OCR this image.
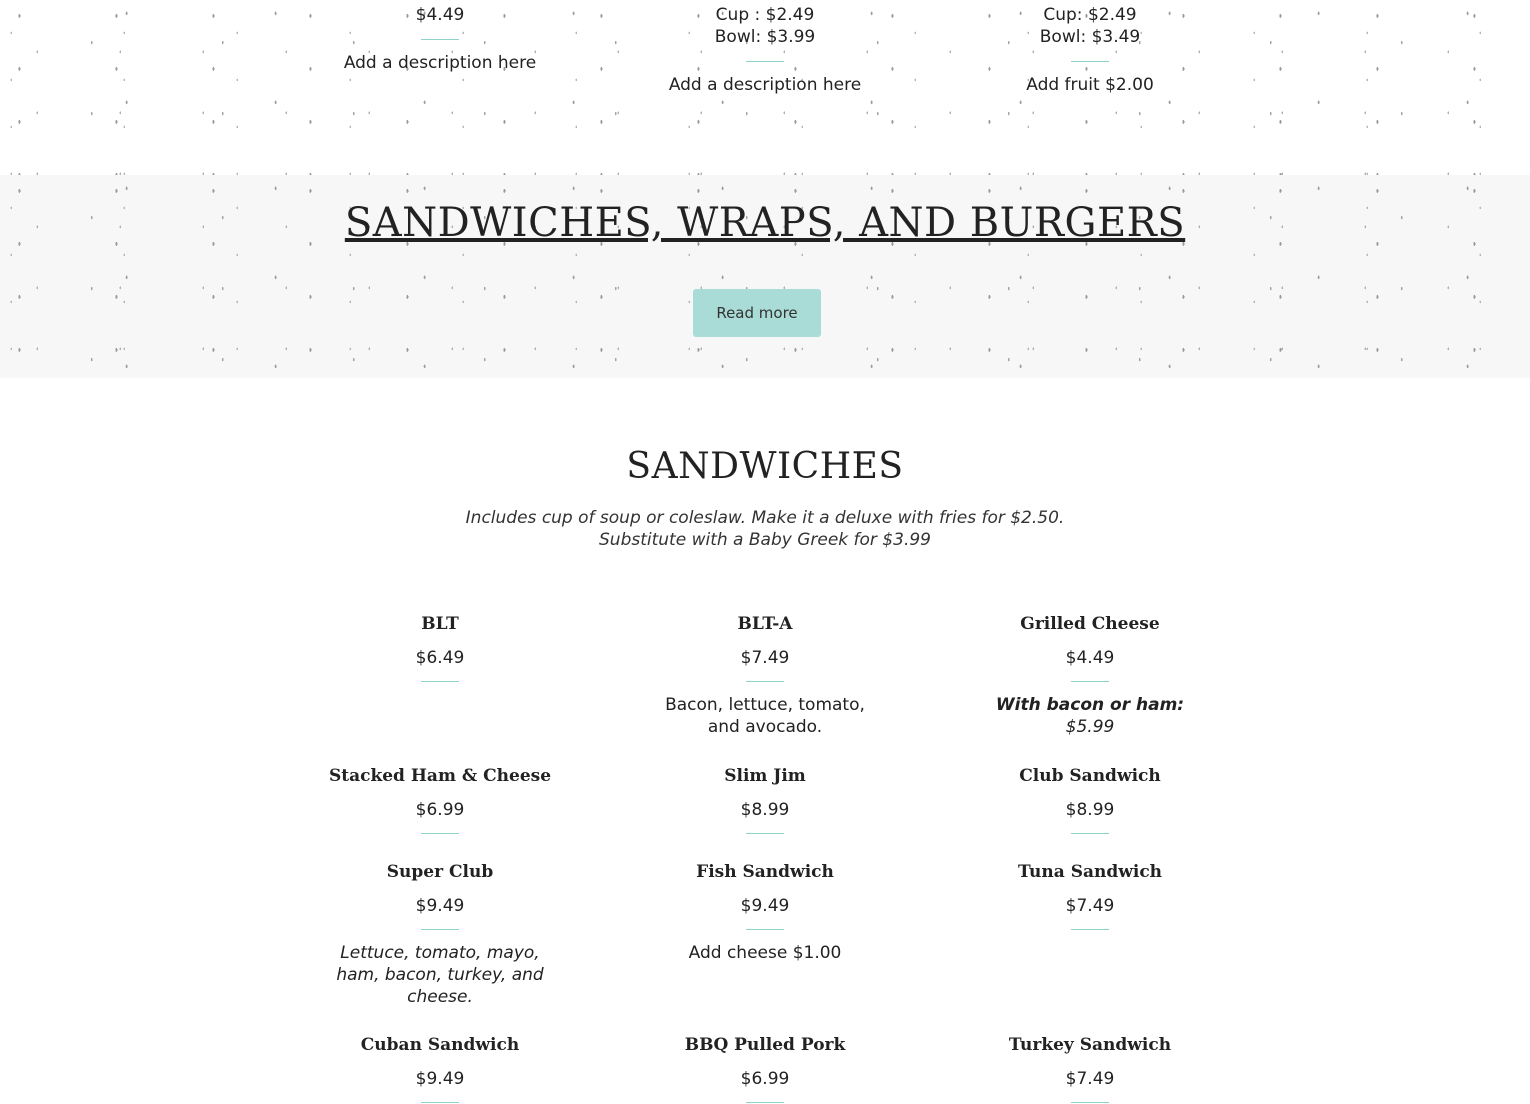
$4.49
Add a description here
Cup : $2.49
Bowl: $3.99
Add a description here
Cup: $2.49
Bowl: $3.49
Add fruit $2.00
SANDWICHES, WRAPS, AND BURGERS
Read more
SANDWICHES
Includes cup of soup or coleslaw. Make it a deluxe with fries for $2.50. Substitute with a Baby Greek for $3.99
BLT
$6.49
BLT-A
$7.49
Bacon, lettuce, tomato, and avocado.
Grilled Cheese
$4.49
With bacon or ham:
$5.99
Stacked Ham & Cheese
$6.99
Slim Jim
$8.99
Club Sandwich
$8.99
Super Club
$9.49
Lettuce, tomato, mayo, ham, bacon, turkey, and cheese.
Fish Sandwich
$9.49
Add cheese $1.00
Tuna Sandwich
$7.49
Cuban Sandwich
$9.49
BBQ Pulled Pork
$6.99
Turkey Sandwich
$7.49
